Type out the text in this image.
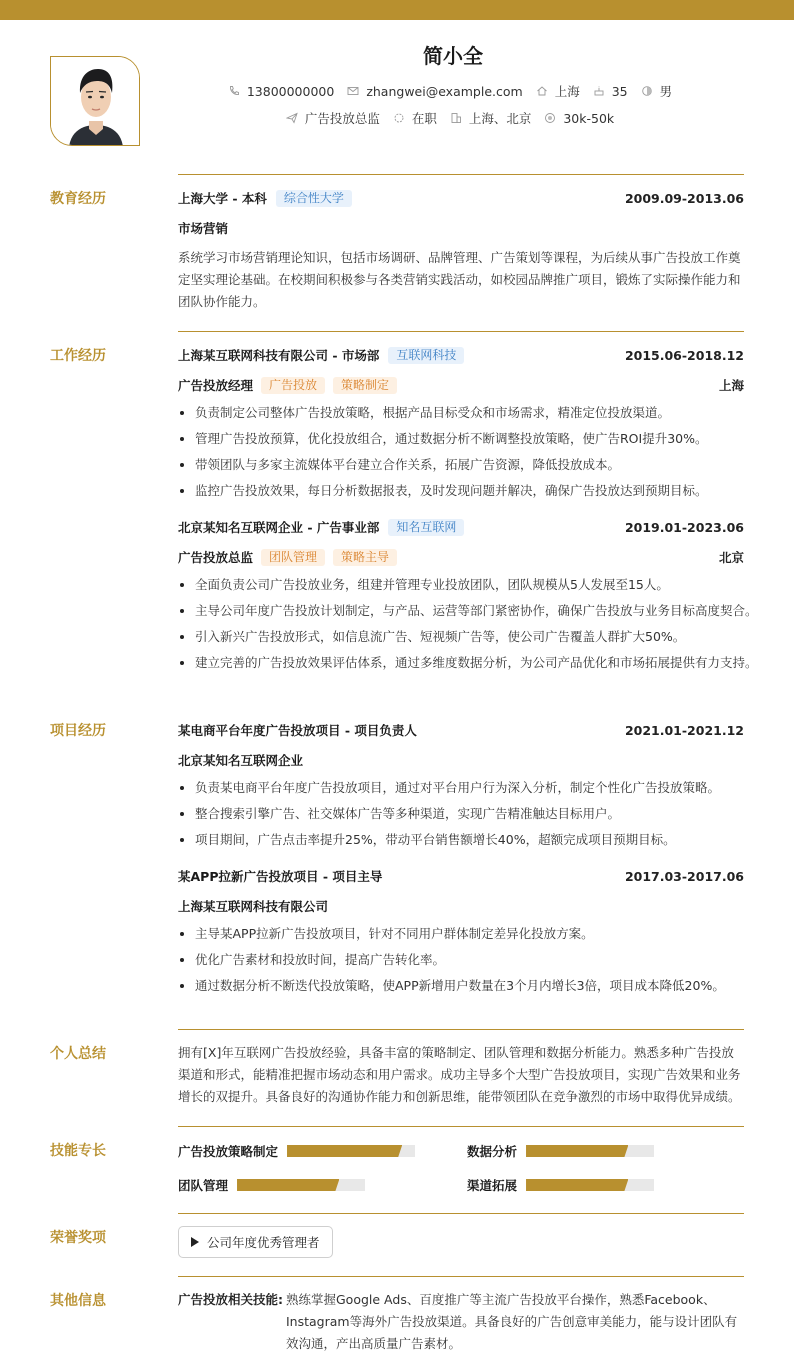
简小全
13800000000	zhangwei@example.com	上海	35	男
广告投放总监	在职	上海、北京	30k-50k
教育经历	上海大学 - 本科	综合性大学	2009.09-2013.06
市场营销
系统学习市场营销理论知识，包括市场调研、品牌管理、广告策划等课程，为后续从事广告投放工作奠定坚实理论基础。在校期间积极参与各类营销实践活动，如校园品牌推广项目，锻炼了实际操作能力和团队协作能力。
工作经历	上海某互联网科技有限公司 - 市场部	互联网科技	2015.06-2018.12
广告投放经理	广告投放	策略制定	上海
负责制定公司整体广告投放策略，根据产品目标受众和市场需求，精准定位投放渠道。
管理广告投放预算，优化投放组合，通过数据分析不断调整投放策略，使广告ROI提升30%。
带领团队与多家主流媒体平台建立合作关系，拓展广告资源，降低投放成本。
监控广告投放效果，每日分析数据报表，及时发现问题并解决，确保广告投放达到预期目标。
北京某知名互联网企业 - 广告事业部	知名互联网	2019.01-2023.06
广告投放总监	团队管理	策略主导	北京
全面负责公司广告投放业务，组建并管理专业投放团队，团队规模从5人发展至15人。
主导公司年度广告投放计划制定，与产品、运营等部门紧密协作，确保广告投放与业务目标高度契合。
引入新兴广告投放形式，如信息流广告、短视频广告等，使公司广告覆盖人群扩大50%。
建立完善的广告投放效果评估体系，通过多维度数据分析，为公司产品优化和市场拓展提供有力支持。
项目经历	某电商平台年度广告投放项目 - 项目负责人	2021.01-2021.12
北京某知名互联网企业
负责某电商平台年度广告投放项目，通过对平台用户行为深入分析，制定个性化广告投放策略。
整合搜索引擎广告、社交媒体广告等多种渠道，实现广告精准触达目标用户。
项目期间，广告点击率提升25%，带动平台销售额增长40%，超额完成项目预期目标。
某APP拉新广告投放项目 - 项目主导	2017.03-2017.06
上海某互联网科技有限公司
主导某APP拉新广告投放项目，针对不同用户群体制定差异化投放方案。
优化广告素材和投放时间，提高广告转化率。
通过数据分析不断迭代投放策略，使APP新增用户数量在3个月内增长3倍，项目成本降低20%。
个人总结	拥有[X]年互联网广告投放经验，具备丰富的策略制定、团队管理和数据分析能力。熟悉多种广告投放渠道和形式，能精准把握市场动态和用户需求。成功主导多个大型广告投放项目，实现广告效果和业务增长的双提升。具备良好的沟通协作能力和创新思维，能带领团队在竞争激烈的市场中取得优异成绩。
技能专长	广告投放策略制定	数据分析
团队管理	渠道拓展
荣誉奖项	公司年度优秀管理者
其他信息	广告投放相关技能: 熟练掌握Google Ads、百度推广等主流广告投放平台操作，熟悉Facebook、Instagram等海外广告投放渠道。具备良好的广告创意审美能力，能与设计团队有效沟通，产出高质量广告素材。
